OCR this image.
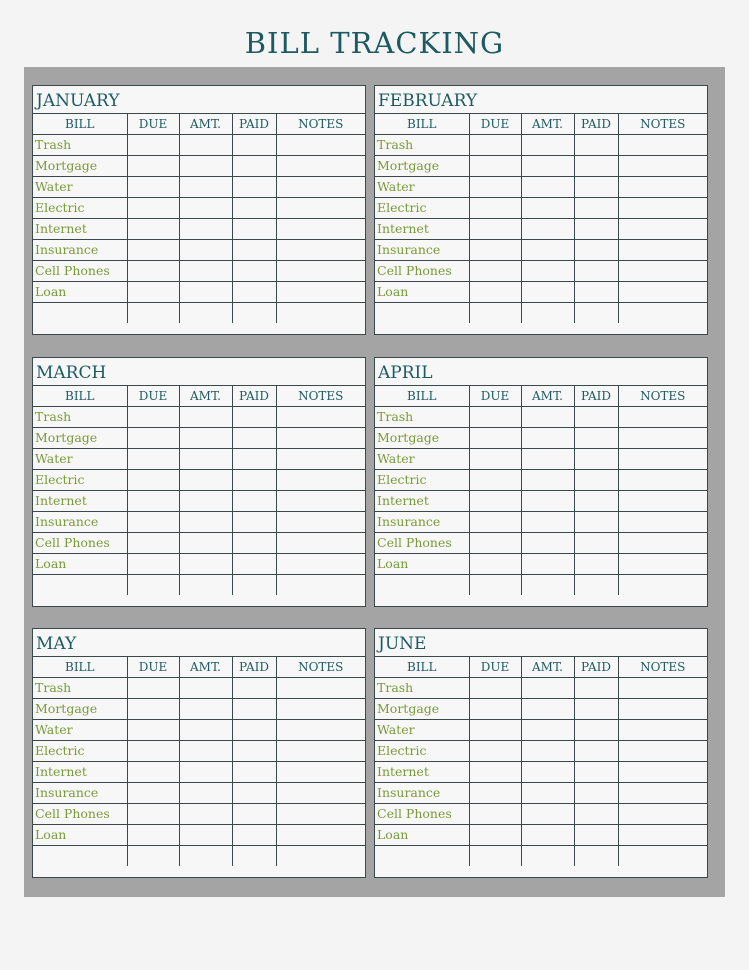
BILL TRACKING
JANUARY
BILL	DUE	AMT.	PAID	NOTES
Trash				
Mortgage				
Water				
Electric				
Internet				
Insurance				
Cell Phones				
Loan				

FEBRUARY
BILL	DUE	AMT.	PAID	NOTES
Trash				
Mortgage				
Water				
Electric				
Internet				
Insurance				
Cell Phones				
Loan				

MARCH
BILL	DUE	AMT.	PAID	NOTES
Trash				
Mortgage				
Water				
Electric				
Internet				
Insurance				
Cell Phones				
Loan				

APRIL
BILL	DUE	AMT.	PAID	NOTES
Trash				
Mortgage				
Water				
Electric				
Internet				
Insurance				
Cell Phones				
Loan				

MAY
BILL	DUE	AMT.	PAID	NOTES
Trash				
Mortgage				
Water				
Electric				
Internet				
Insurance				
Cell Phones				
Loan				

JUNE
BILL	DUE	AMT.	PAID	NOTES
Trash				
Mortgage				
Water				
Electric				
Internet				
Insurance				
Cell Phones				
Loan				
